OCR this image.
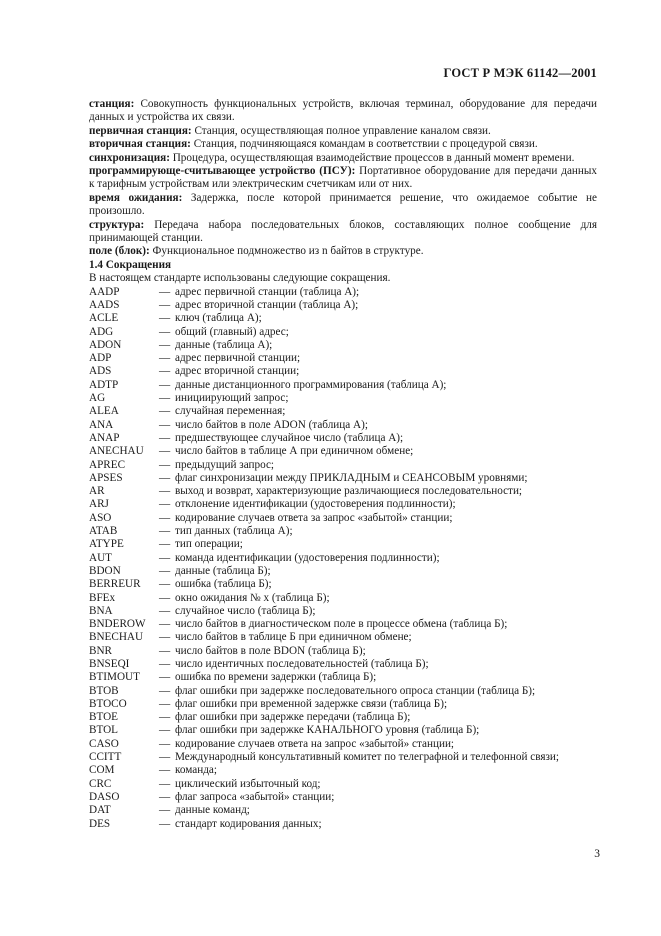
ГОСТ Р МЭК 61142—2001

станция: Совокупность функциональных устройств, включая терминал, оборудование для передачи данных и устройства их связи.

первичная станция: Станция, осуществляющая полное управление каналом связи.

вторичная станция: Станция, подчиняющаяся командам в соответствии с процедурой связи.

синхронизация: Процедура, осуществляющая взаимодействие процессов в данный момент времени.

программирующе-считывающее устройство (ПСУ): Портативное оборудование для передачи данных к тарифным устройствам или электрическим счетчикам или от них.

время ожидания: Задержка, после которой принимается решение, что ожидаемое событие не произошло.

структура: Передача набора последовательных блоков, составляющих полное сообщение для принимающей станции.

поле (блок): Функциональное подмножество из n байтов в структуре.

1.4 Сокращения

В настоящем стандарте использованы следующие сокращения.

AADP	— адрес первичной станции (таблица А);
AADS	— адрес вторичной станции (таблица А);
ACLE	— ключ (таблица А);
ADG	— общий (главный) адрес;
ADON	— данные (таблица А);
ADP	— адрес первичной станции;
ADS	— адрес вторичной станции;
ADTP	— данные дистанционного программирования (таблица А);
AG	— инициирующий запрос;
ALEA	— случайная переменная;
ANA	— число байтов в поле ADON (таблица А);
ANAP	— предшествующее случайное число (таблица А);
ANECHAU	— число байтов в таблице А при единичном обмене;
APREC	— предыдущий запрос;
APSES	— флаг синхронизации между ПРИКЛАДНЫМ и СЕАНСОВЫМ уровнями;
AR	— выход и возврат, характеризующие различающиеся последовательности;
ARJ	— отклонение идентификации (удостоверения подлинности);
ASO	— кодирование случаев ответа за запрос «забытой» станции;
ATAB	— тип данных (таблица А);
ATYPE	— тип операции;
AUT	— команда идентификации (удостоверения подлинности);
BDON	— данные (таблица Б);
BERREUR	— ошибка (таблица Б);
BFEx	— окно ожидания № x (таблица Б);
BNA	— случайное число (таблица Б);
BNDEROW	— число байтов в диагностическом поле в процессе обмена (таблица Б);
BNECHAU	— число байтов в таблице Б при единичном обмене;
BNR	— число байтов в поле BDON (таблица Б);
BNSEQI	— число идентичных последовательностей (таблица Б);
BTIMOUT	— ошибка по времени задержки (таблица Б);
BTOB	— флаг ошибки при задержке последовательного опроса станции (таблица Б);
BTOCO	— флаг ошибки при временной задержке связи (таблица Б);
BTOE	— флаг ошибки при задержке передачи (таблица Б);
BTOL	— флаг ошибки при задержке КАНАЛЬНОГО уровня (таблица Б);
CASO	— кодирование случаев ответа на запрос «забытой» станции;
CCITT	— Международный консультативный комитет по телеграфной и телефонной связи;
COM	— команда;
CRC	— циклический избыточный код;
DASO	— флаг запроса «забытой» станции;
DAT	— данные команд;
DES	— стандарт кодирования данных;
3
